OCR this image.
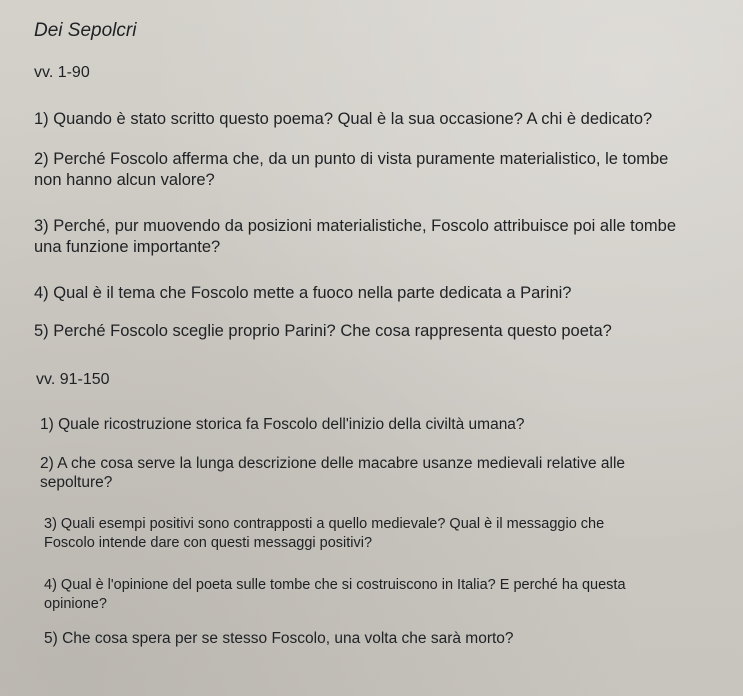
Dei Sepolcri

vv. 1-90

1) Quando è stato scritto questo poema? Qual è la sua occasione? A chi è dedicato?

2) Perché Foscolo afferma che, da un punto di vista puramente materialistico, le tombe

non hanno alcun valore?

3) Perché, pur muovendo da posizioni materialistiche, Foscolo attribuisce poi alle tombe

una funzione importante?

4) Qual è il tema che Foscolo mette a fuoco nella parte dedicata a Parini?

5) Perché Foscolo sceglie proprio Parini? Che cosa rappresenta questo poeta?

vv. 91-150

1) Quale ricostruzione storica fa Foscolo dell'inizio della civiltà umana?

2) A che cosa serve la lunga descrizione delle macabre usanze medievali relative alle

sepolture?

3) Quali esempi positivi sono contrapposti a quello medievale? Qual è il messaggio che

Foscolo intende dare con questi messaggi positivi?

4) Qual è l'opinione del poeta sulle tombe che si costruiscono in Italia? E perché ha questa

opinione?

5) Che cosa spera per se stesso Foscolo, una volta che sarà morto?
